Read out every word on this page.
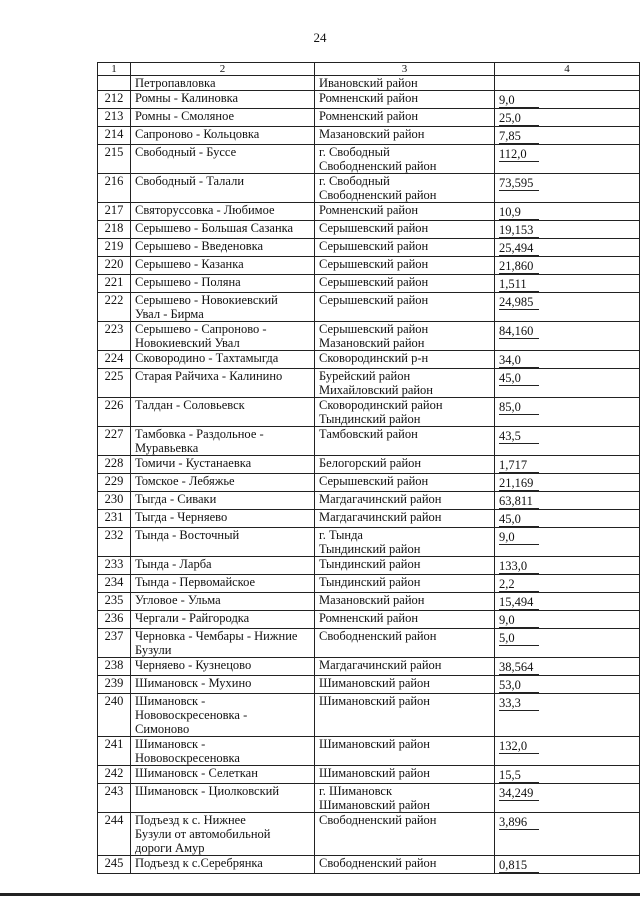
24
1	2	3	4

	Петропавловка	Ивановский район	

212	Ромны - Калиновка	Ромненский район	9,0
213	Ромны - Смоляное	Ромненский район	25,0
214	Сапроново - Кольцовка	Мазановский район	7,85
215	Свободный - Буссе	г. Свободный
Свободненский район	112,0
216	Свободный - Талали	г. Свободный
Свободненский район	73,595
217	Святоруссовка - Любимое	Ромненский район	10,9
218	Серышево - Большая Сазанка	Серышевский район	19,153
219	Серышево - Введеновка	Серышевский район	25,494
220	Серышево - Казанка	Серышевский район	21,860
221	Серышево - Поляна	Серышевский район	1,511
222	Серышево - Новокиевский
Увал - Бирма	Серышевский район	24,985
223	Серышево - Сапроново -
Новокиевский Увал	Серышевский район
Мазановский район	84,160
224	Сковородино - Тахтамыгда	Сковородинский р-н	34,0
225	Старая Райчиха - Калинино	Бурейский район
Михайловский район	45,0
226	Талдан - Соловьевск	Сковородинский район
Тындинский район	85,0
227	Тамбовка - Раздольное -
Муравьевка	Тамбовский район	43,5
228	Томичи - Кустанаевка	Белогорский район	1,717
229	Томское - Лебяжье	Серышевский район	21,169
230	Тыгда - Сиваки	Магдагачинский район	63,811
231	Тыгда - Черняево	Магдагачинский район	45,0
232	Тында - Восточный	г. Тында
Тындинский район	9,0
233	Тында - Ларба	Тындинский район	133,0
234	Тында - Первомайское	Тындинский район	2,2
235	Угловое - Ульма	Мазановский район	15,494
236	Чергали - Райгородка	Ромненский район	9,0
237	Черновка - Чембары - Нижние
Бузули	Свободненский район	5,0
238	Черняево - Кузнецово	Магдагачинский район	38,564
239	Шимановск - Мухино	Шимановский район	53,0
240	Шимановск -
Нововоскресеновка -
Симоново	Шимановский район	33,3
241	Шимановск -
Нововоскресеновка	Шимановский район	132,0
242	Шимановск - Селеткан	Шимановский район	15,5
243	Шимановск - Циолковский	г. Шимановск
Шимановский район	34,249
244	Подъезд к с. Нижнее
Бузули от автомобильной
дороги Амур	Свободненский район	3,896
245	Подъезд к с.Серебрянка	Свободненский район	0,815
